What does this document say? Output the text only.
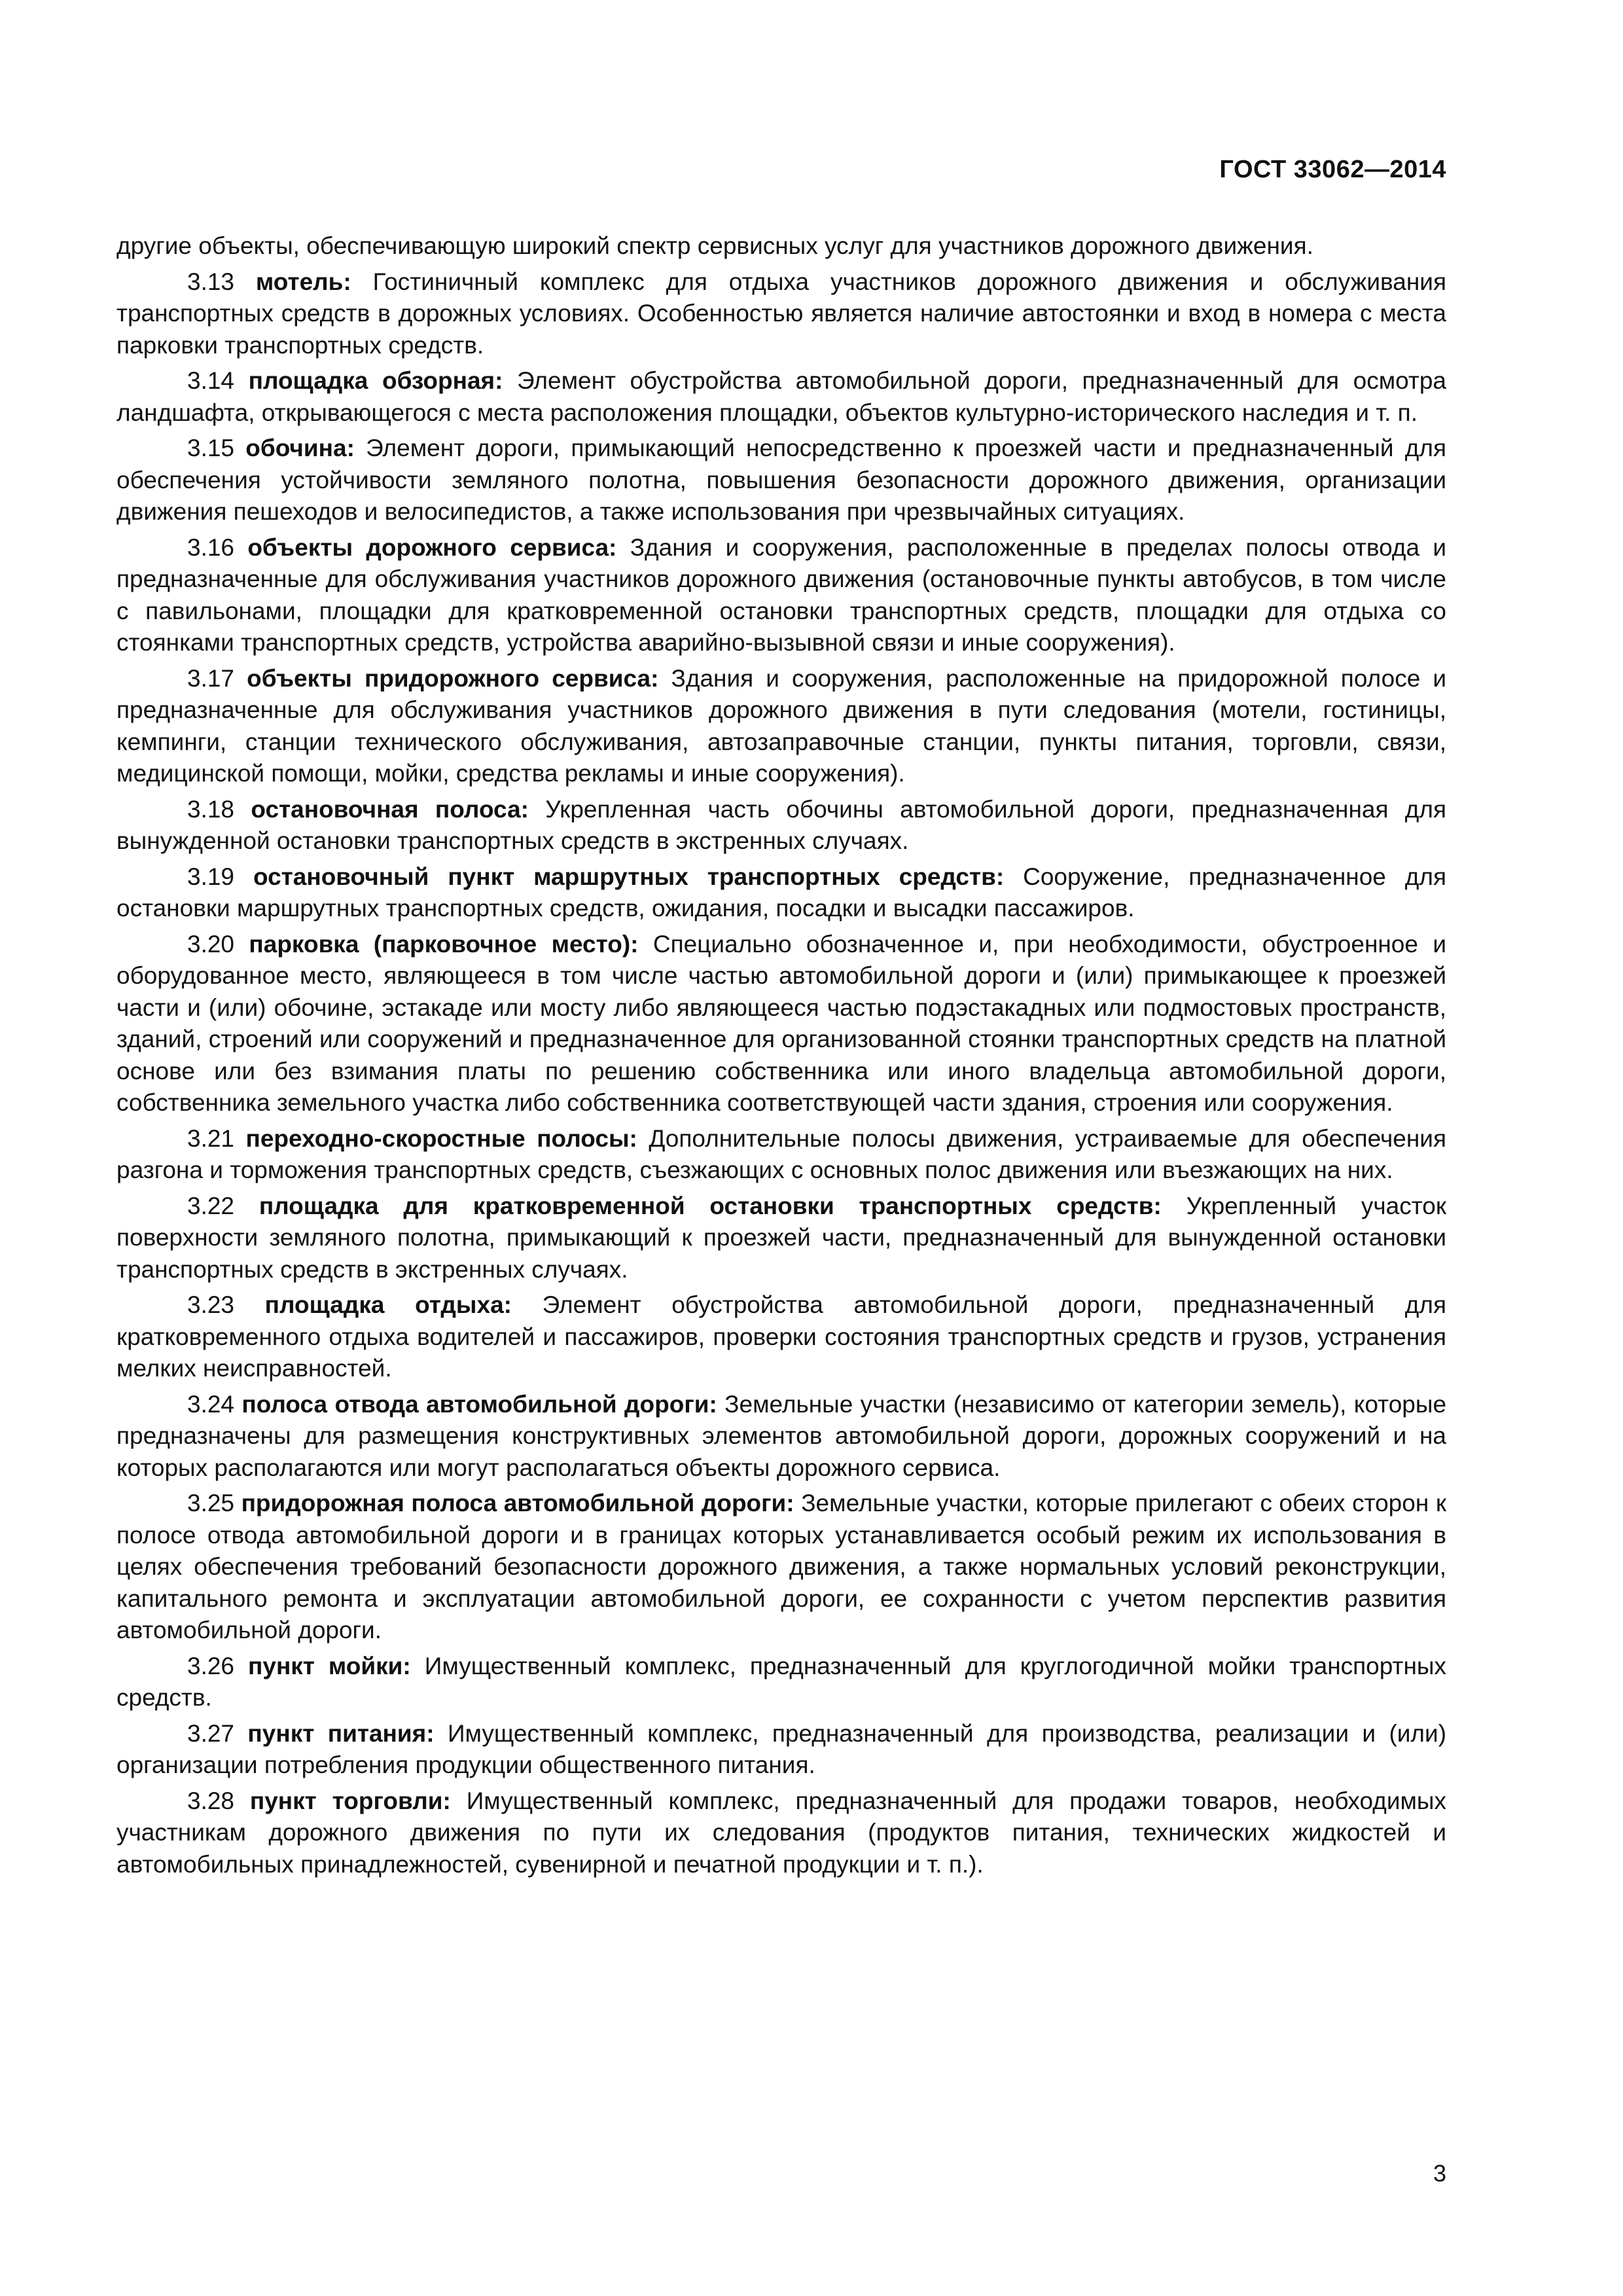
ГОСТ 33062—2014

другие объекты, обеспечивающую широкий спектр сервисных услуг для участников дорожного движения.

3.13 мотель: Гостиничный комплекс для отдыха участников дорожного движения и обслуживания транспортных средств в дорожных условиях. Особенностью является наличие автостоянки и вход в номера с места парковки транспортных средств.

3.14 площадка обзорная: Элемент обустройства автомобильной дороги, предназначенный для осмотра ландшафта, открывающегося с места расположения площадки, объектов культурно-исторического наследия и т. п.

3.15 обочина: Элемент дороги, примыкающий непосредственно к проезжей части и предназначенный для обеспечения устойчивости земляного полотна, повышения безопасности дорожного движения, организации движения пешеходов и велосипедистов, а также использования при чрезвычайных ситуациях.

3.16 объекты дорожного сервиса: Здания и сооружения, расположенные в пределах полосы отвода и предназначенные для обслуживания участников дорожного движения (остановочные пункты автобусов, в том числе с павильонами, площадки для кратковременной остановки транспортных средств, площадки для отдыха со стоянками транспортных средств, устройства аварийно-вызывной связи и иные сооружения).

3.17 объекты придорожного сервиса: Здания и сооружения, расположенные на придорожной полосе и предназначенные для обслуживания участников дорожного движения в пути следования (мотели, гостиницы, кемпинги, станции технического обслуживания, автозаправочные станции, пункты питания, торговли, связи, медицинской помощи, мойки, средства рекламы и иные сооружения).

3.18 остановочная полоса: Укрепленная часть обочины автомобильной дороги, предназначенная для вынужденной остановки транспортных средств в экстренных случаях.

3.19 остановочный пункт маршрутных транспортных средств: Сооружение, предназначенное для остановки маршрутных транспортных средств, ожидания, посадки и высадки пассажиров.

3.20 парковка (парковочное место): Специально обозначенное и, при необходимости, обустроенное и оборудованное место, являющееся в том числе частью автомобильной дороги и (или) примыкающее к проезжей части и (или) обочине, эстакаде или мосту либо являющееся частью подэстакадных или подмостовых пространств, зданий, строений или сооружений и предназначенное для организованной стоянки транспортных средств на платной основе или без взимания платы по решению собственника или иного владельца автомобильной дороги, собственника земельного участка либо собственника соответствующей части здания, строения или сооружения.

3.21 переходно-скоростные полосы: Дополнительные полосы движения, устраиваемые для обеспечения разгона и торможения транспортных средств, съезжающих с основных полос движения или въезжающих на них.

3.22 площадка для кратковременной остановки транспортных средств: Укрепленный участок поверхности земляного полотна, примыкающий к проезжей части, предназначенный для вынужденной остановки транспортных средств в экстренных случаях.

3.23 площадка отдыха: Элемент обустройства автомобильной дороги, предназначенный для кратковременного отдыха водителей и пассажиров, проверки состояния транспортных средств и грузов, устранения мелких неисправностей.

3.24 полоса отвода автомобильной дороги: Земельные участки (независимо от категории земель), которые предназначены для размещения конструктивных элементов автомобильной дороги, дорожных сооружений и на которых располагаются или могут располагаться объекты дорожного сервиса.

3.25 придорожная полоса автомобильной дороги: Земельные участки, которые прилегают с обеих сторон к полосе отвода автомобильной дороги и в границах которых устанавливается особый режим их использования в целях обеспечения требований безопасности дорожного движения, а также нормальных условий реконструкции, капитального ремонта и эксплуатации автомобильной дороги, ее сохранности с учетом перспектив развития автомобильной дороги.

3.26 пункт мойки: Имущественный комплекс, предназначенный для круглогодичной мойки транспортных средств.

3.27 пункт питания: Имущественный комплекс, предназначенный для производства, реализации и (или) организации потребления продукции общественного питания.

3.28 пункт торговли: Имущественный комплекс, предназначенный для продажи товаров, необходимых участникам дорожного движения по пути их следования (продуктов питания, технических жидкостей и автомобильных принадлежностей, сувенирной и печатной продукции и т. п.).

3
